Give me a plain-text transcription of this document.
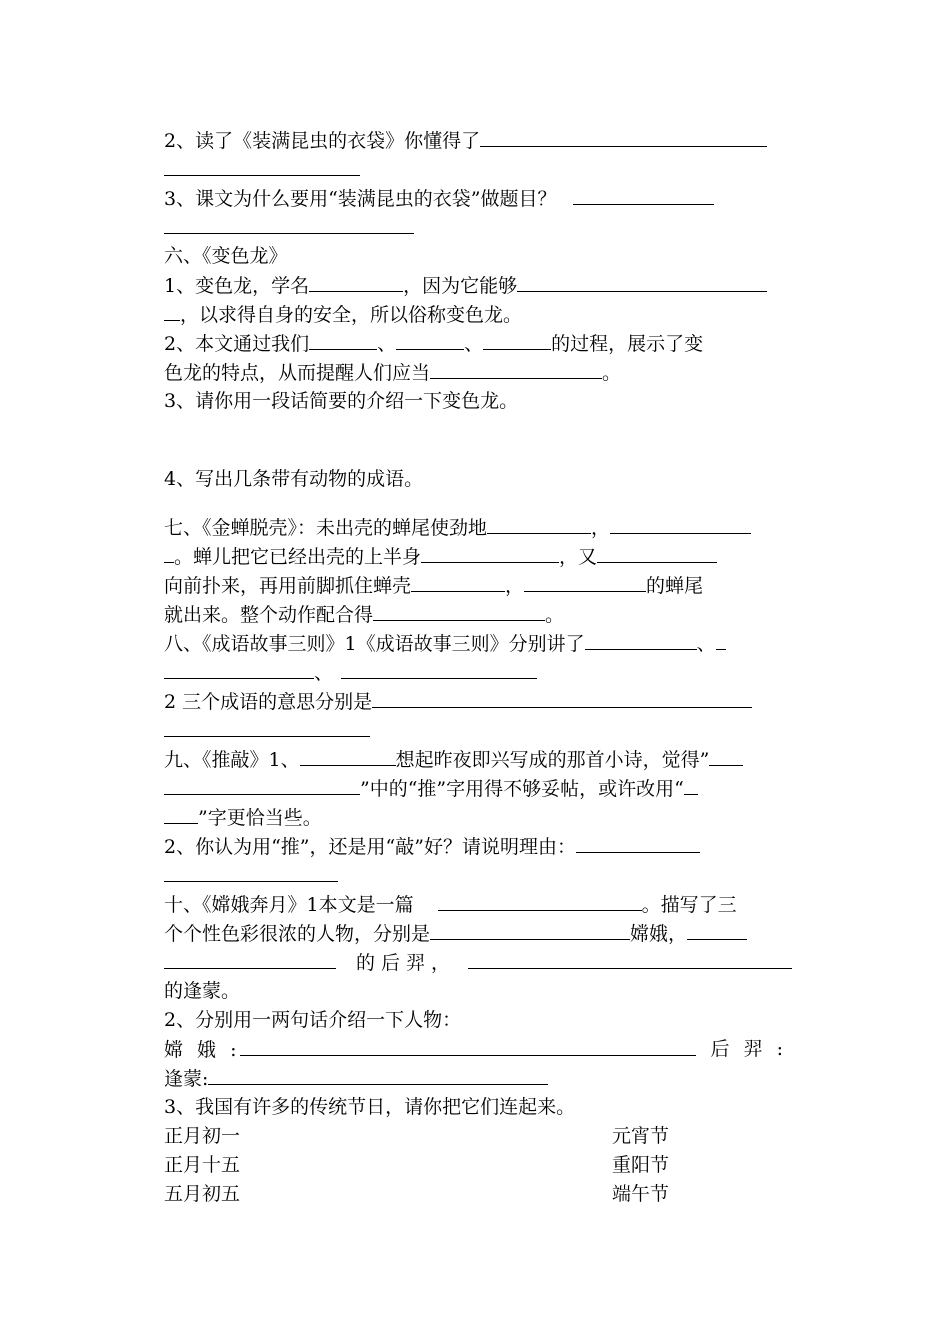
2、读了《装满昆虫的衣袋》你懂得了
3、课文为什么要用“装满昆虫的衣袋”做题目？
六、《变色龙》
1、变色龙，学名	，因为它能够
，以求得自身的安全，所以俗称变色龙。
2、本文通过我们	、	、	的过程，展示了变
色龙的特点，从而提醒人们应当	。
3、请你用一段话简要的介绍一下变色龙。
4、写出几条带有动物的成语。
七、《金蝉脱壳》：未出壳的蝉尾使劲地	，
。蝉儿把它已经出壳的上半身	，又
向前扑来，再用前脚抓住蝉壳	，	的蝉尾
就出来。整个动作配合得	。
八、《成语故事三则》1《成语故事三则》分别讲了	、
、
2 三个成语的意思分别是
九、《推敲》1、	想起昨夜即兴写成的那首小诗，觉得”
”中的“推”字用得不够妥帖，或许改用“
”字更恰当些。
2、你认为用“推”，还是用“敲”好？请说明理由：
十、《嫦娥奔月》1本文是一篇	。描写了三
个个性色彩很浓的人物，分别是	嫦娥，
的后羿，
的逢蒙。
2、分别用一两句话介绍一下人物：
嫦 娥 :	后 羿 :
逢蒙:
3、我国有许多的传统节日，请你把它们连起来。
正月初一	元宵节
正月十五	重阳节
五月初五	端午节
